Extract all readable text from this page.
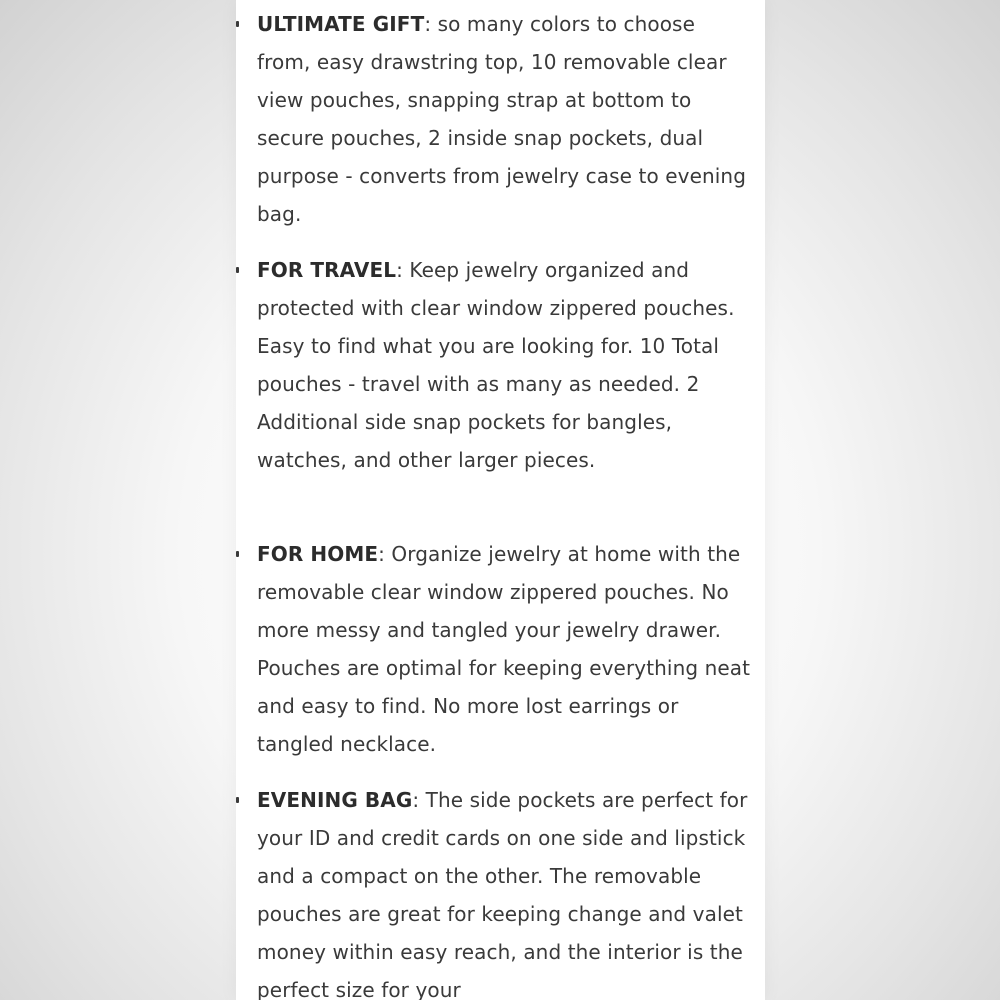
ULTIMATE GIFT: so many colors to choose from, easy drawstring top, 10 removable clear view pouches, snapping strap at bottom to secure pouches, 2 inside snap pockets, dual purpose - converts from jewelry case to evening bag.
FOR TRAVEL: Keep jewelry organized and protected with clear window zippered pouches. Easy to find what you are looking for. 10 Total pouches - travel with as many as needed. 2 Additional side snap pockets for bangles, watches, and other larger pieces.
FOR HOME: Organize jewelry at home with the removable clear window zippered pouches. No more messy and tangled your jewelry drawer. Pouches are optimal for keeping everything neat and easy to find. No more lost earrings or tangled necklace.
EVENING BAG: The side pockets are perfect for your ID and credit cards on one side and lipstick and a compact on the other. The removable pouches are great for keeping change and valet money within easy reach, and the interior is the perfect size for your
